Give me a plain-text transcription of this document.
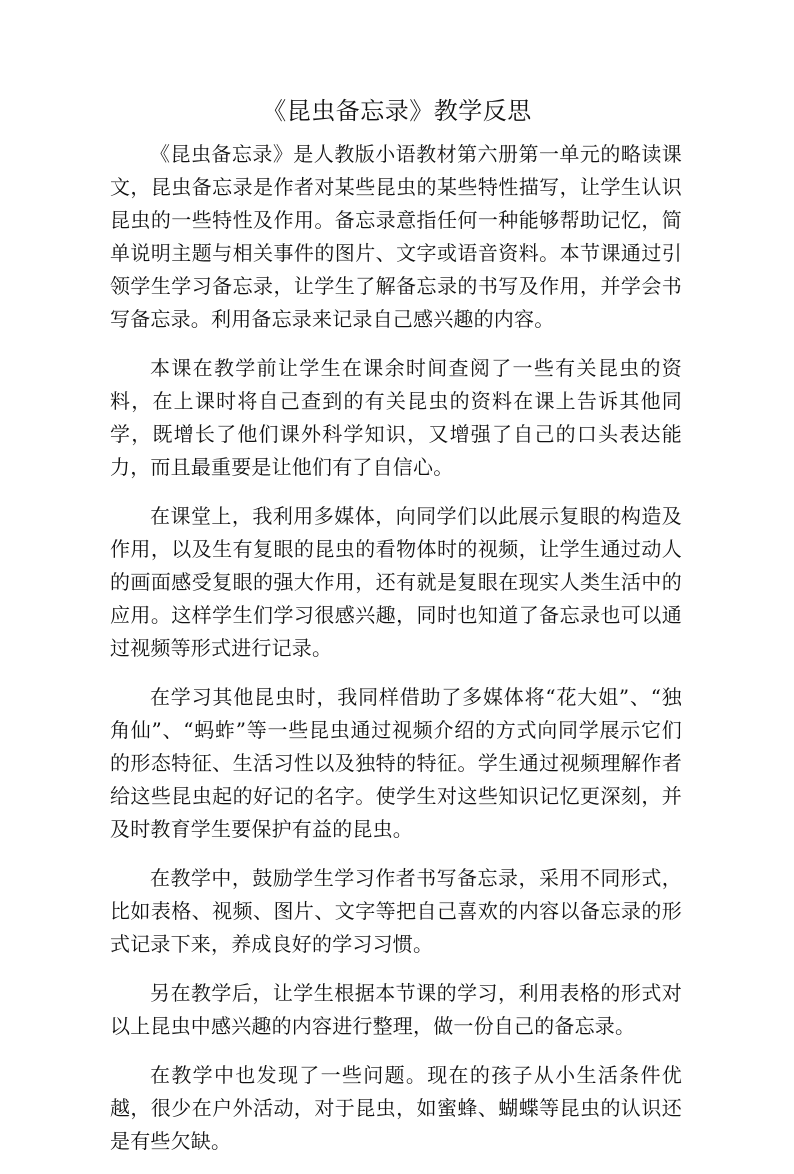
《昆虫备忘录》教学反思

《昆虫备忘录》是人教版小语教材第六册第一单元的略读课文，昆虫备忘录是作者对某些昆虫的某些特性描写，让学生认识昆虫的一些特性及作用。备忘录意指任何一种能够帮助记忆，简单说明主题与相关事件的图片、文字或语音资料。本节课通过引领学生学习备忘录，让学生了解备忘录的书写及作用，并学会书写备忘录。利用备忘录来记录自己感兴趣的内容。

本课在教学前让学生在课余时间查阅了一些有关昆虫的资料，在上课时将自己查到的有关昆虫的资料在课上告诉其他同学，既增长了他们课外科学知识，又增强了自己的口头表达能力，而且最重要是让他们有了自信心。

在课堂上，我利用多媒体，向同学们以此展示复眼的构造及作用，以及生有复眼的昆虫的看物体时的视频，让学生通过动人的画面感受复眼的强大作用，还有就是复眼在现实人类生活中的应用。这样学生们学习很感兴趣，同时也知道了备忘录也可以通过视频等形式进行记录。

在学习其他昆虫时，我同样借助了多媒体将“花大姐”、“独角仙”、“蚂蚱”等一些昆虫通过视频介绍的方式向同学展示它们的形态特征、生活习性以及独特的特征。学生通过视频理解作者给这些昆虫起的好记的名字。使学生对这些知识记忆更深刻，并及时教育学生要保护有益的昆虫。

在教学中，鼓励学生学习作者书写备忘录，采用不同形式，比如表格、视频、图片、文字等把自己喜欢的内容以备忘录的形式记录下来，养成良好的学习习惯。

另在教学后，让学生根据本节课的学习，利用表格的形式对以上昆虫中感兴趣的内容进行整理，做一份自己的备忘录。

在教学中也发现了一些问题。现在的孩子从小生活条件优越，很少在户外活动，对于昆虫，如蜜蜂、蝴蝶等昆虫的认识还是有些欠缺。
